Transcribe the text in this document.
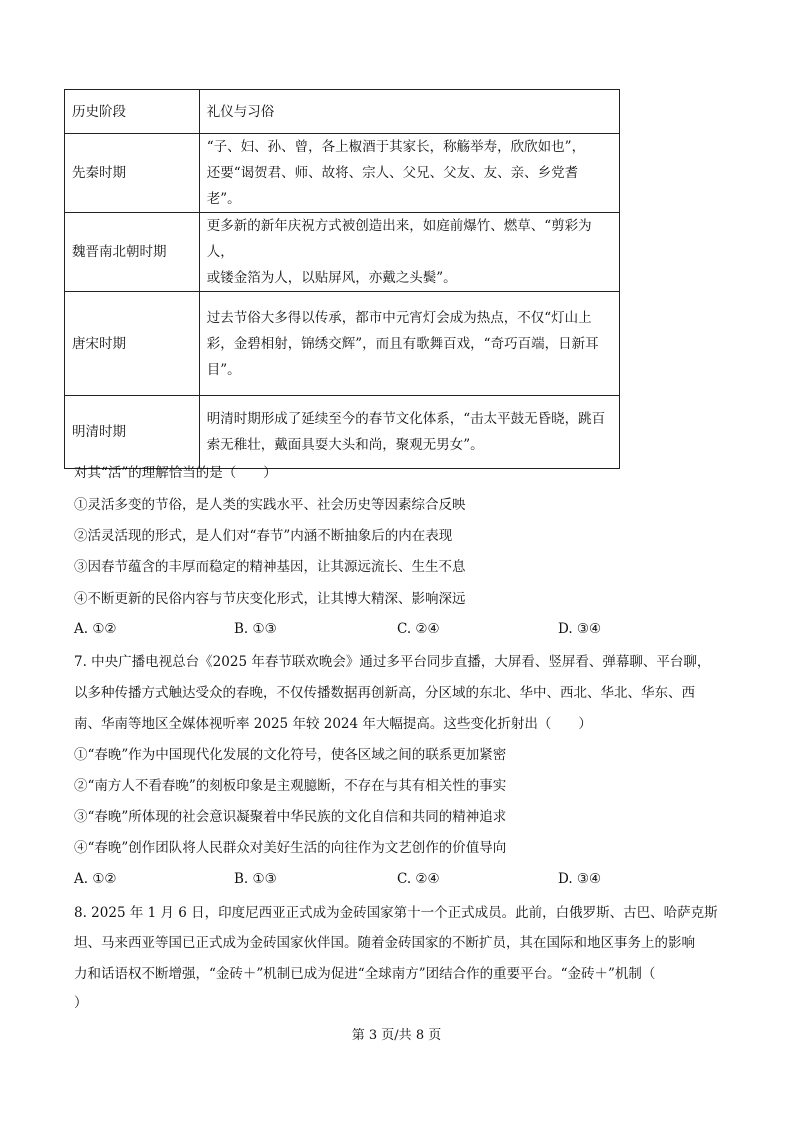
历史阶段	礼仪与习俗
先秦时期	“子、妇、孙、曾，各上椒酒于其家长，称觞举寿，欣欣如也”，
还要“谒贺君、师、故将、宗人、父兄、父友、友、亲、乡党耆老”。

魏晋南北朝时期	更多新的新年庆祝方式被创造出来，如庭前爆竹、燃草、“剪彩为人，
或镂金箔为人，以贴屏风，亦戴之头鬓”。

唐宋时期	过去节俗大多得以传承，都市中元宵灯会成为热点，不仅“灯山上
彩，金碧相射，锦绣交辉”，而且有歌舞百戏，“奇巧百端，日新耳
目”。

明清时期	明清时期形成了延续至今的春节文化体系，“击太平鼓无昏晓，跳百
索无稚壮，戴面具耍大头和尚，聚观无男女”。
对其“活”的理解恰当的是（　　）
①灵活多变的节俗，是人类的实践水平、社会历史等因素综合反映
②活灵活现的形式，是人们对“春节”内涵不断抽象后的内在表现
③因春节蕴含的丰厚而稳定的精神基因，让其源远流长、生生不息
④不断更新的民俗内容与节庆变化形式，让其博大精深、影响深远
A. ①②	B. ①③	C. ②④	D. ③④
7. 中央广播电视总台《2025 年春节联欢晚会》通过多平台同步直播，大屏看、竖屏看、弹幕聊、平台聊，
以多种传播方式触达受众的春晚，不仅传播数据再创新高，分区域的东北、华中、西北、华北、华东、西
南、华南等地区全媒体视听率 2025 年较 2024 年大幅提高。这些变化折射出（　　）
①“春晚”作为中国现代化发展的文化符号，使各区域之间的联系更加紧密
②“南方人不看春晚”的刻板印象是主观臆断，不存在与其有相关性的事实
③“春晚”所体现的社会意识凝聚着中华民族的文化自信和共同的精神追求
④“春晚”创作团队将人民群众对美好生活的向往作为文艺创作的价值导向
A. ①②	B. ①③	C. ②④	D. ③④
8. 2025 年 1 月 6 日，印度尼西亚正式成为金砖国家第十一个正式成员。此前，白俄罗斯、古巴、哈萨克斯
坦、马来西亚等国已正式成为金砖国家伙伴国。随着金砖国家的不断扩员，其在国际和地区事务上的影响
力和话语权不断增强，“金砖＋”机制已成为促进“全球南方”团结合作的重要平台。“金砖＋”机制（
）
第 3 页/共 8 页
